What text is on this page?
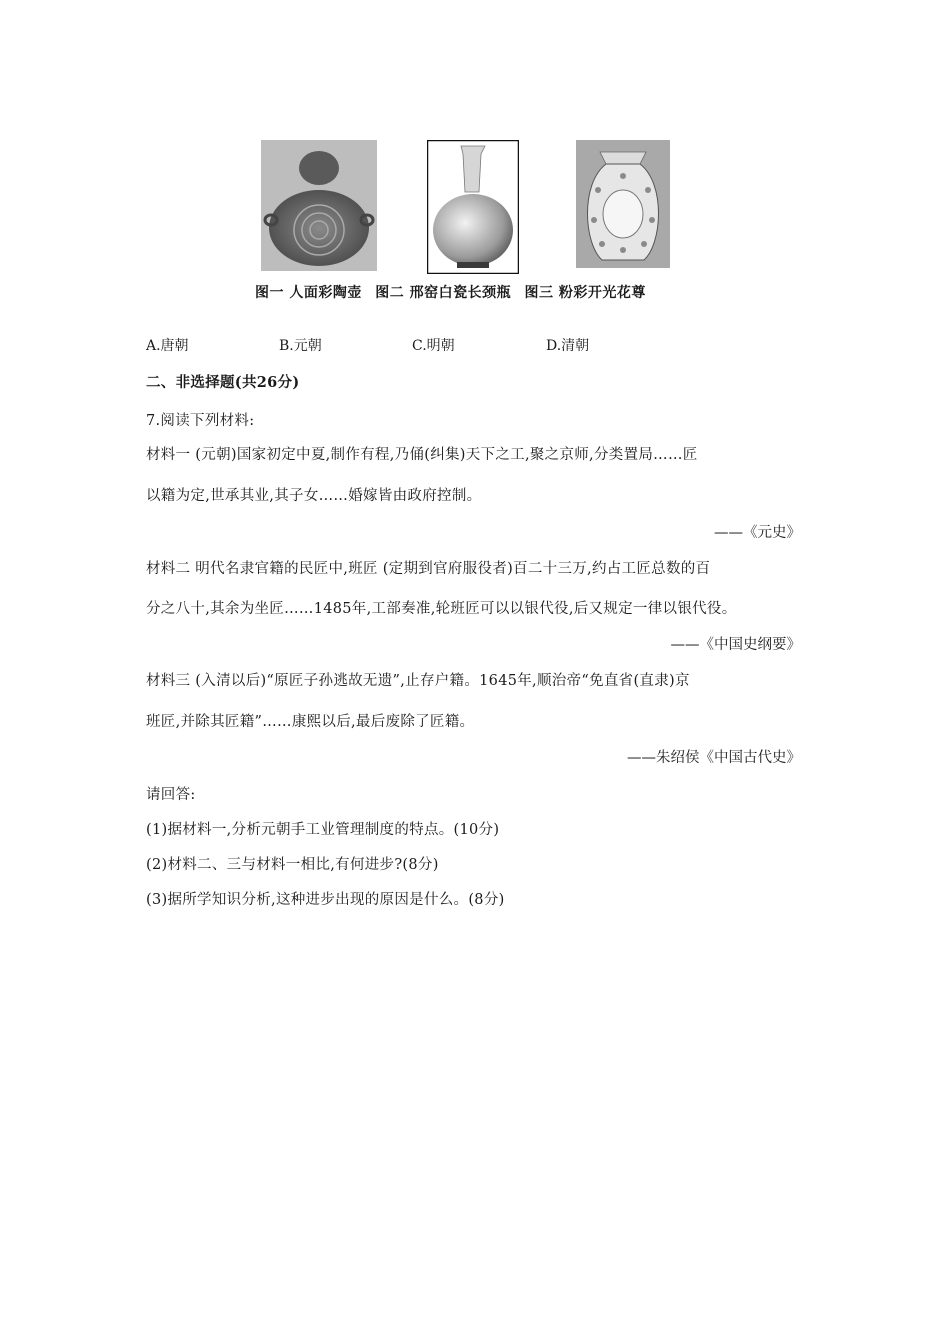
图一 人面彩陶壶 图二 邢窑白瓷长颈瓶 图三 粉彩开光花尊
A.唐朝	B.元朝	C.明朝	D.清朝
二、非选择题(共26分)
7.阅读下列材料:
材料一 (元朝)国家初定中夏,制作有程,乃俑(纠集)天下之工,聚之京师,分类置局……匠
以籍为定,世承其业,其子女……婚嫁皆由政府控制。
——《元史》
材料二 明代名隶官籍的民匠中,班匠 (定期到官府服役者)百二十三万,约占工匠总数的百
分之八十,其余为坐匠……1485年,工部奏准,轮班匠可以以银代役,后又规定一律以银代役。
——《中国史纲要》
材料三 (入清以后)“原匠子孙逃故无遗”,止存户籍。1645年,顺治帝“免直省(直隶)京
班匠,并除其匠籍”……康熙以后,最后废除了匠籍。
——朱绍侯《中国古代史》
请回答:
(1)据材料一,分析元朝手工业管理制度的特点。(10分)
(2)材料二、三与材料一相比,有何进步?(8分)
(3)据所学知识分析,这种进步出现的原因是什么。(8分)
